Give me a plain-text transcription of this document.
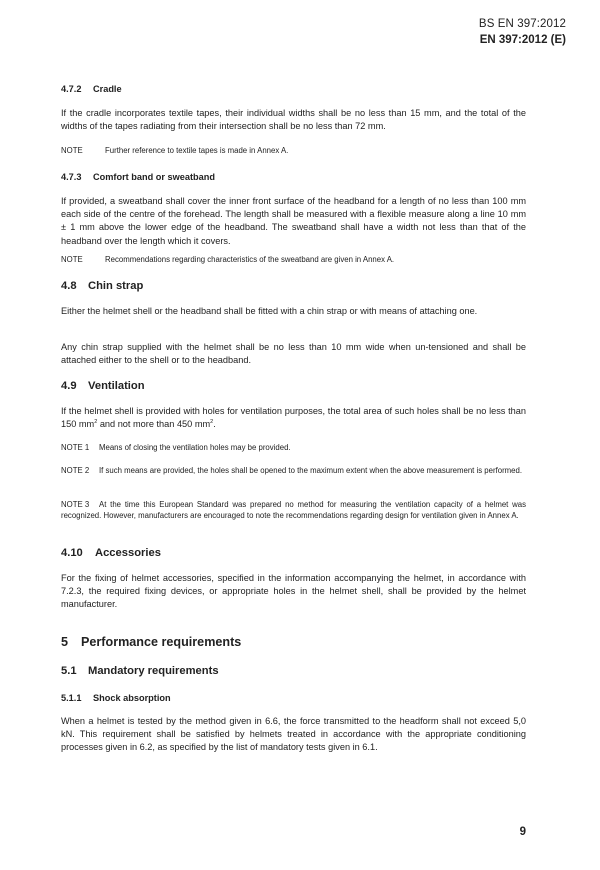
BS EN 397:2012
EN 397:2012 (E)
4.7.2 Cradle
If the cradle incorporates textile tapes, their individual widths shall be no less than 15 mm, and the total of the widths of the tapes radiating from their intersection shall be no less than 72 mm.
NOTE	Further reference to textile tapes is made in Annex A.
4.7.3 Comfort band or sweatband
If provided, a sweatband shall cover the inner front surface of the headband for a length of no less than 100 mm each side of the centre of the forehead. The length shall be measured with a flexible measure along a line 10 mm ± 1 mm above the lower edge of the headband. The sweatband shall have a width not less than that of the headband over the length which it covers.
NOTE	Recommendations regarding characteristics of the sweatband are given in Annex A.
4.8 Chin strap
Either the helmet shell or the headband shall be fitted with a chin strap or with means of attaching one.
Any chin strap supplied with the helmet shall be no less than 10 mm wide when un-tensioned and shall be attached either to the shell or to the headband.
4.9 Ventilation
If the helmet shell is provided with holes for ventilation purposes, the total area of such holes shall be no less than 150 $mm^2$ and not more than 450 $mm^2$.
NOTE 1 Means of closing the ventilation holes may be provided.
NOTE 2 If such means are provided, the holes shall be opened to the maximum extent when the above measurement is performed.
NOTE 3 At the time this European Standard was prepared no method for measuring the ventilation capacity of a helmet was recognized. However, manufacturers are encouraged to note the recommendations regarding design for ventilation given in Annex A.
4.10 Accessories
For the fixing of helmet accessories, specified in the information accompanying the helmet, in accordance with 7.2.3, the required fixing devices, or appropriate holes in the helmet shell, shall be provided by the helmet manufacturer.
5 Performance requirements
5.1 Mandatory requirements
5.1.1 Shock absorption
When a helmet is tested by the method given in 6.6, the force transmitted to the headform shall not exceed 5,0 kN. This requirement shall be satisfied by helmets treated in accordance with the appropriate conditioning processes given in 6.2, as specified by the list of mandatory tests given in 6.1.
9
